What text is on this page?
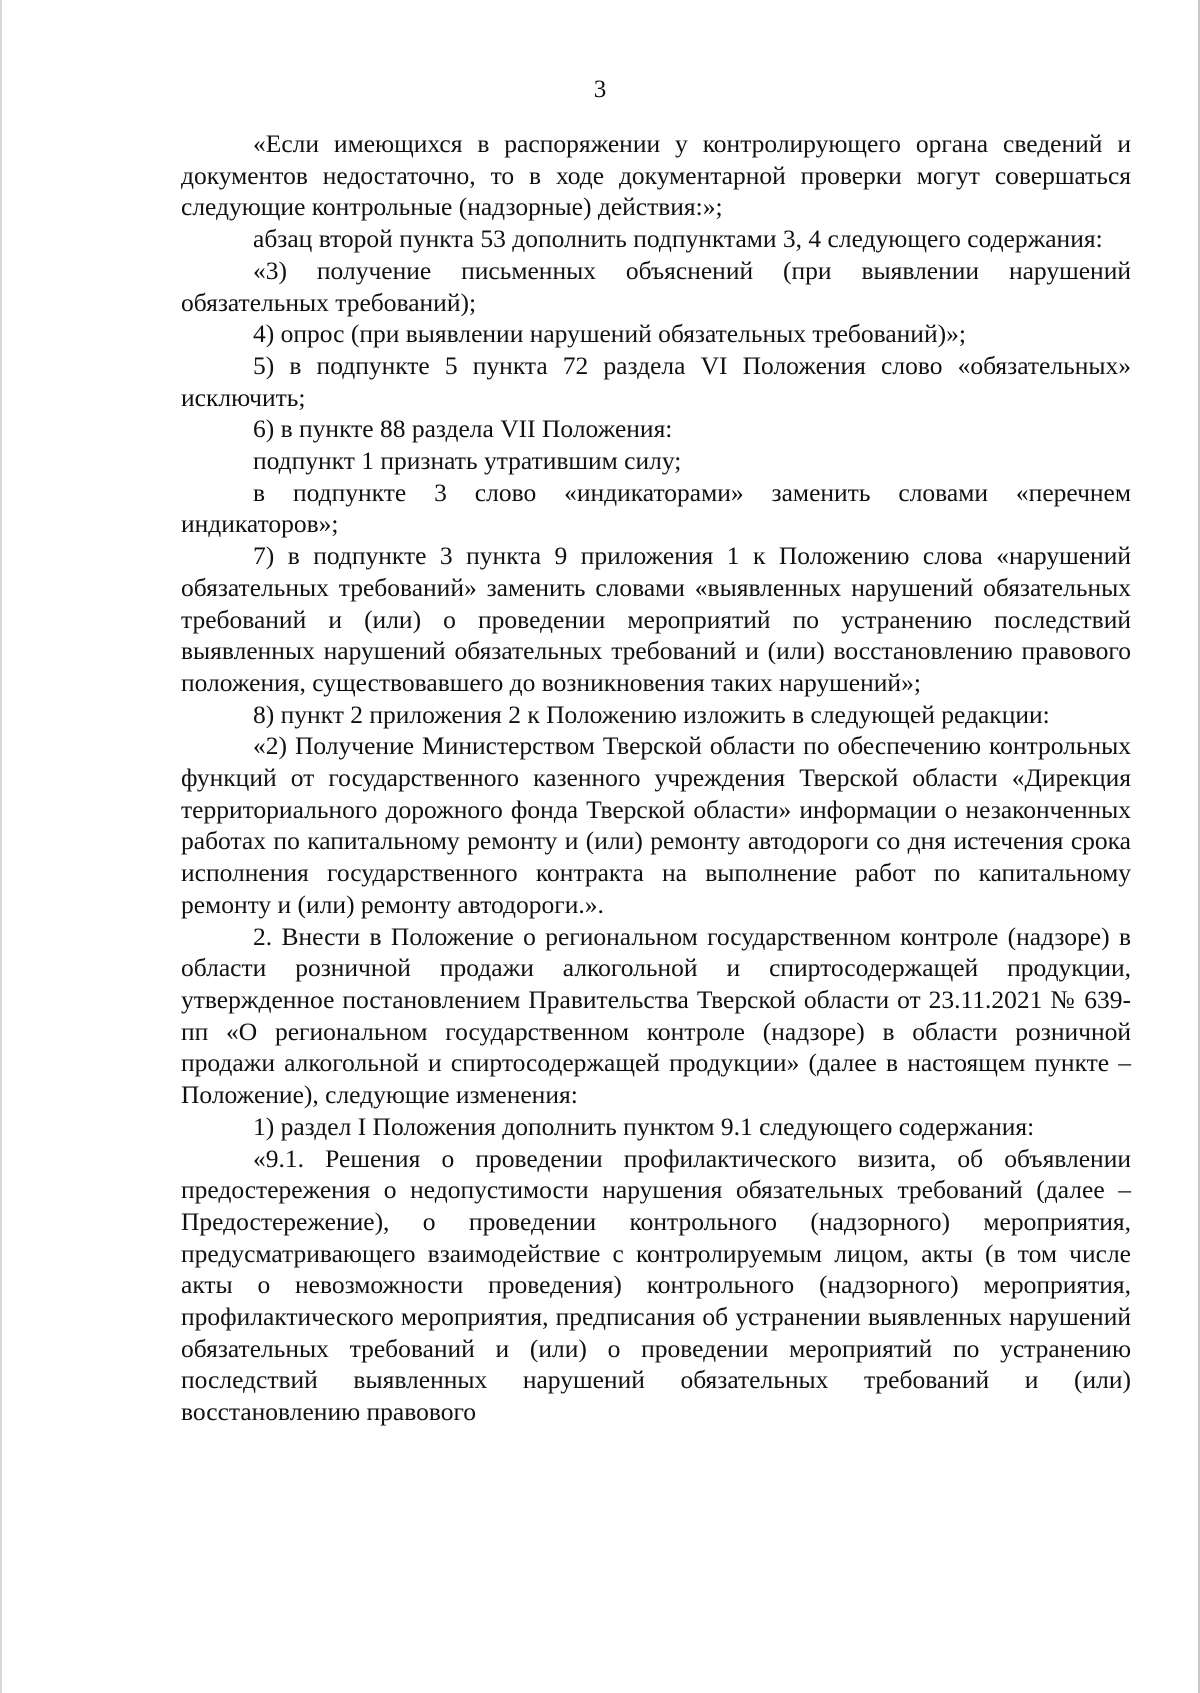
3

«Если имеющихся в распоряжении у контролирующего органа сведений и документов недостаточно, то в ходе документарной проверки могут совершаться следующие контрольные (надзорные) действия:»;

абзац второй пункта 53 дополнить подпунктами 3, 4 следующего содержания:

«3) получение письменных объяснений (при выявлении нарушений обязательных требований);

4) опрос (при выявлении нарушений обязательных требований)»;

5) в подпункте 5 пункта 72 раздела VI Положения слово «обязательных» исключить;

6) в пункте 88 раздела VII Положения:

подпункт 1 признать утратившим силу;

в подпункте 3 слово «индикаторами» заменить словами «перечнем индикаторов»;

7) в подпункте 3 пункта 9 приложения 1 к Положению слова «нарушений обязательных требований» заменить словами «выявленных нарушений обязательных требований и (или) о проведении мероприятий по устранению последствий выявленных нарушений обязательных требований и (или) восстановлению правового положения, существовавшего до возникновения таких нарушений»;

8) пункт 2 приложения 2 к Положению изложить в следующей редакции:

«2) Получение Министерством Тверской области по обеспечению контрольных функций от государственного казенного учреждения Тверской области «Дирекция территориального дорожного фонда Тверской области» информации о незаконченных работах по капитальному ремонту и (или) ремонту автодороги со дня истечения срока исполнения государственного контракта на выполнение работ по капитальному ремонту и (или) ремонту автодороги.».

2. Внести в Положение о региональном государственном контроле (надзоре) в области розничной продажи алкогольной и спиртосодержащей продукции, утвержденное постановлением Правительства Тверской области от 23.11.2021 № 639-пп «О региональном государственном контроле (надзоре) в области розничной продажи алкогольной и спиртосодержащей продукции» (далее в настоящем пункте – Положение), следующие изменения:

1) раздел I Положения дополнить пунктом 9.1 следующего содержания:

«9.1. Решения о проведении профилактического визита, об объявлении предостережения о недопустимости нарушения обязательных требований (далее – Предостережение), о проведении контрольного (надзорного) мероприятия, предусматривающего взаимодействие с контролируемым лицом, акты (в том числе акты о невозможности проведения) контрольного (надзорного) мероприятия, профилактического мероприятия, предписания об устранении выявленных нарушений обязательных требований и (или) о проведении мероприятий по устранению последствий выявленных нарушений обязательных требований и (или) восстановлению правового
